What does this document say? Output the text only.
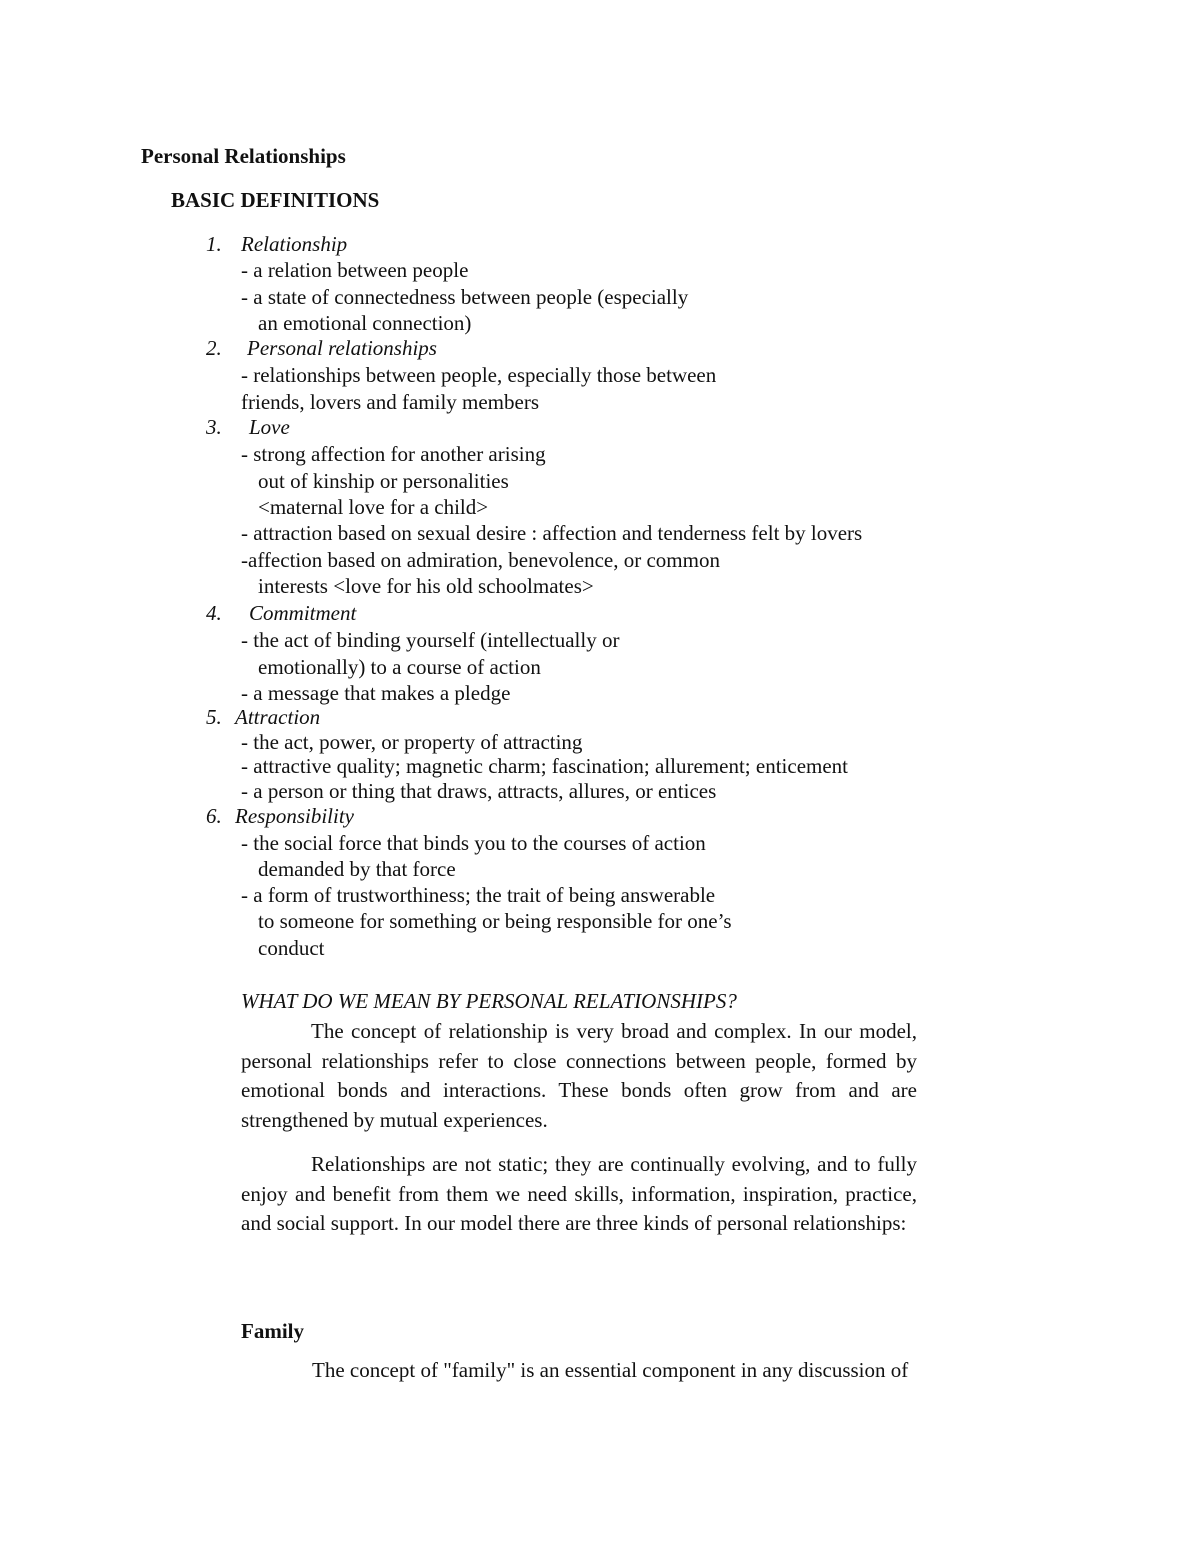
Personal Relationships
BASIC DEFINITIONS
1. Relationship
- a relation between people
- a state of connectedness between people (especially
an emotional connection)
2. Personal relationships
- relationships between people, especially those between
friends, lovers and family members
3. Love
- strong affection for another arising
out of kinship or personalities
<maternal love for a child>
- attraction based on sexual desire : affection and tenderness felt by lovers
-affection based on admiration, benevolence, or common
interests <love for his old schoolmates>
4. Commitment
- the act of binding yourself (intellectually or
emotionally) to a course of action
- a message that makes a pledge
5. Attraction
- the act, power, or property of attracting
- attractive quality; magnetic charm; fascination; allurement; enticement
- a person or thing that draws, attracts, allures, or entices
6. Responsibility
- the social force that binds you to the courses of action
demanded by that force
- a form of trustworthiness; the trait of being answerable
to someone for something or being responsible for one’s
conduct
WHAT DO WE MEAN BY PERSONAL RELATIONSHIPS?
The concept of relationship is very broad and complex. In our model, personal relationships refer to close connections between people, formed by emotional bonds and interactions. These bonds often grow from and are strengthened by mutual experiences.
Relationships are not static; they are continually evolving, and to fully enjoy and benefit from them we need skills, information, inspiration, practice, and social support. In our model there are three kinds of personal relationships:
Family
The concept of "family" is an essential component in any discussion of
